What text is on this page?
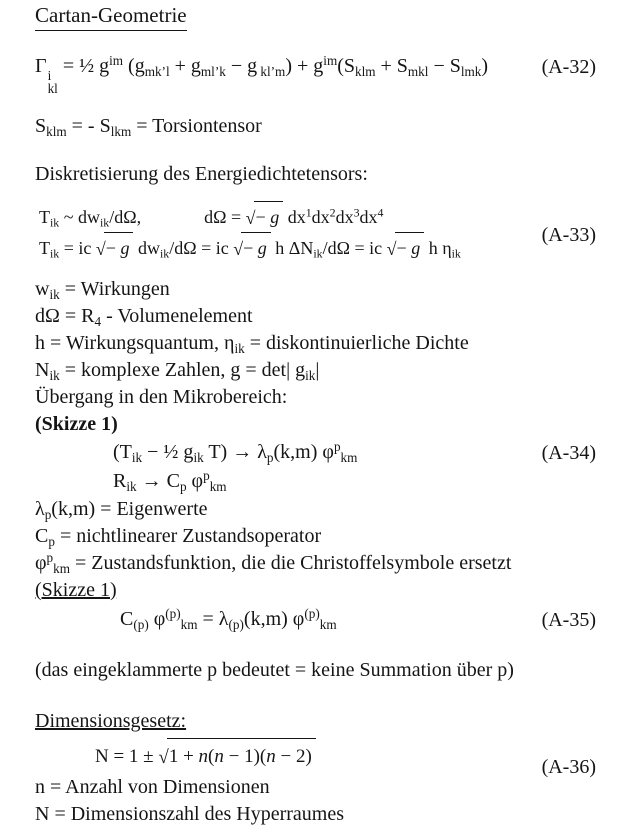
Cartan-Geometrie
Γ i
kl
= ½ $g^{im}$ ($g_{mk’l} + g_{ml’k} - g$ $_{kl’m}) + g^{im}(S_{klm} + S_{mkl} - S_{lmk})$	(A-32)
$S_{klm}$ = - $S_{lkm}$ = Torsiontensor
Diskretisierung des Energiedichtetensors:
$T_{ik}$ ~ $dw_{ik}/d\Omega$,    dΩ = √− g $dx^1dx^2dx^3dx^4$
$T_{ik}$ = ic √− g $dw_{ik}/d\Omega$ = ic √− g h $\Delta N_{ik}/d\Omega$ = ic √− g h $\eta_{ik}$
(A-33)
$w_{ik}$ = Wirkungen
$d\Omega = R_4$ - Volumenelement
h = Wirkungsquantum, $\eta_{ik}$ = diskontinuierliche Dichte
$N_{ik}$ = komplexe Zahlen, g = det| $g_{ik}|$
Übergang in den Mikrobereich:
(Skizze 1)
($T_{ik}$ − ½ $g_{ik}$ $T) \to \lambda_p(k,m)$ $\varphi^p_{km}$	(A-34)
$R_{ik} \to C_p$ $\varphi^p_{km}$
$\lambda_p(k,m)$ = Eigenwerte
$C_p$ = nichtlinearer Zustandsoperator
$\varphi^p_{km}$ = Zustandsfunktion, die die Christoffelsymbole ersetzt
(Skizze 1)
$C_{(p)}$ $\varphi^{(p)}_{km} = \lambda_{(p)}(k,m)$ $\varphi^{(p)}_{km}$	(A-35)
(das eingeklammerte p bedeutet = keine Summation über p)
Dimensionsgesetz:
N = 1 ± √1 + n(n − 1)(n − 2)	(A-36)
n = Anzahl von Dimensionen
N = Dimensionszahl des Hyperraumes
